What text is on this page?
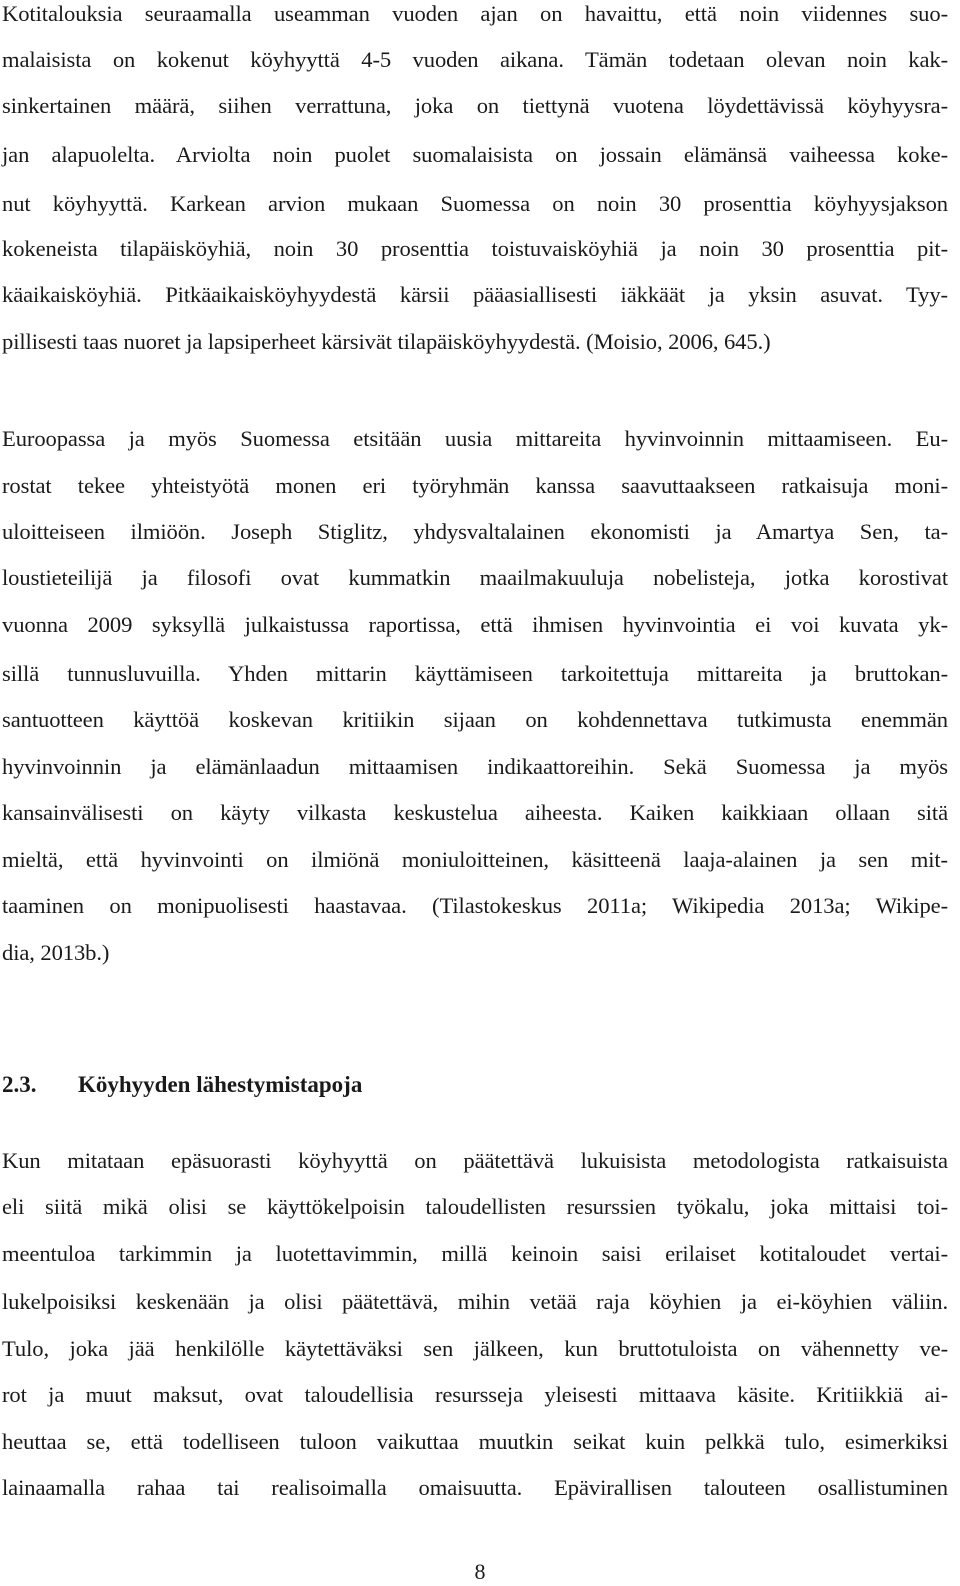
Kotitalouksia seuraamalla useamman vuoden ajan on havaittu, että noin viidennes suo-
malaisista on kokenut köyhyyttä 4-5 vuoden aikana. Tämän todetaan olevan noin kak-
sinkertainen määrä, siihen verrattuna, joka on tiettynä vuotena löydettävissä köyhyysra-
jan alapuolelta. Arviolta noin puolet suomalaisista on jossain elämänsä vaiheessa koke-
nut köyhyyttä. Karkean arvion mukaan Suomessa on noin 30 prosenttia köyhyysjakson
kokeneista tilapäisköyhiä, noin 30 prosenttia toistuvaisköyhiä ja noin 30 prosenttia pit-
käaikaisköyhiä. Pitkäaikaisköyhyydestä kärsii pääasiallisesti iäkkäät ja yksin asuvat. Tyy-
pillisesti taas nuoret ja lapsiperheet kärsivät tilapäisköyhyydestä. (Moisio, 2006, 645.)
Euroopassa ja myös Suomessa etsitään uusia mittareita hyvinvoinnin mittaamiseen. Eu-
rostat tekee yhteistyötä monen eri työryhmän kanssa saavuttaakseen ratkaisuja moni-
uloitteiseen ilmiöön. Joseph Stiglitz, yhdysvaltalainen ekonomisti ja Amartya Sen, ta-
loustieteilijä ja filosofi ovat kummatkin maailmakuuluja nobelisteja, jotka korostivat
vuonna 2009 syksyllä julkaistussa raportissa, että ihmisen hyvinvointia ei voi kuvata yk-
sillä tunnusluvuilla. Yhden mittarin käyttämiseen tarkoitettuja mittareita ja bruttokan-
santuotteen käyttöä koskevan kritiikin sijaan on kohdennettava tutkimusta enemmän
hyvinvoinnin ja elämänlaadun mittaamisen indikaattoreihin. Sekä Suomessa ja myös
kansainvälisesti on käyty vilkasta keskustelua aiheesta. Kaiken kaikkiaan ollaan sitä
mieltä, että hyvinvointi on ilmiönä moniuloitteinen, käsitteenä laaja-alainen ja sen mit-
taaminen on monipuolisesti haastavaa. (Tilastokeskus 2011a; Wikipedia 2013a; Wikipe-
dia, 2013b.)
2.3. Köyhyyden lähestymistapoja
Kun mitataan epäsuorasti köyhyyttä on päätettävä lukuisista metodologista ratkaisuista
eli siitä mikä olisi se käyttökelpoisin taloudellisten resurssien työkalu, joka mittaisi toi-
meentuloa tarkimmin ja luotettavimmin, millä keinoin saisi erilaiset kotitaloudet vertai-
lukelpoisiksi keskenään ja olisi päätettävä, mihin vetää raja köyhien ja ei-köyhien väliin.
Tulo, joka jää henkilölle käytettäväksi sen jälkeen, kun bruttotuloista on vähennetty ve-
rot ja muut maksut, ovat taloudellisia resursseja yleisesti mittaava käsite. Kritiikkiä ai-
heuttaa se, että todelliseen tuloon vaikuttaa muutkin seikat kuin pelkkä tulo, esimerkiksi
lainaamalla rahaa tai realisoimalla omaisuutta. Epävirallisen talouteen osallistuminen
8
